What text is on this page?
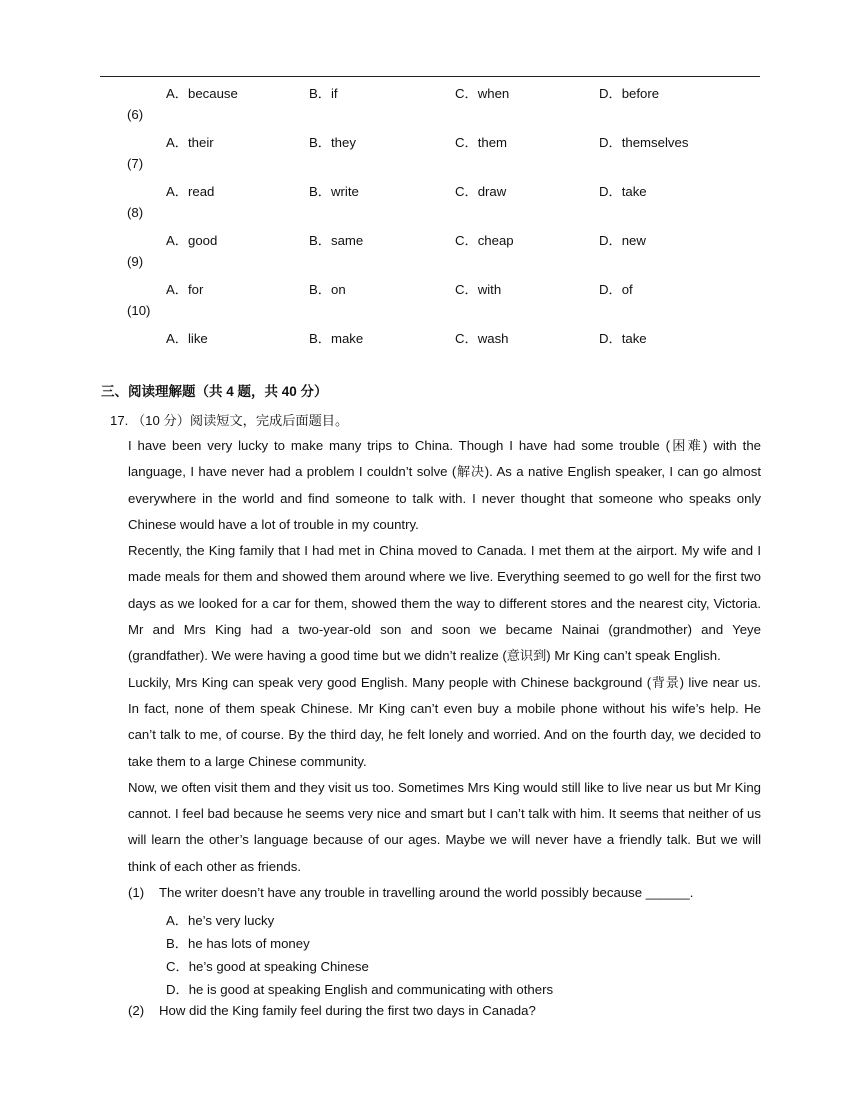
A．because	B．if	C．when	D．before
(6)
A．their	B．they	C．them	D．themselves
(7)
A．read	B．write	C．draw	D．take
(8)
A．good	B．same	C．cheap	D．new
(9)
A．for	B．on	C．with	D．of
(10)
A．like	B．make	C．wash	D．take
三、阅读理解题（共 4 题，共 40 分）
17. （10 分）阅读短文，完成后面题目。

I have been very lucky to make many trips to China. Though I have had some trouble (困难) with the language, I have never had a problem I couldn’t solve (解决). As a native English speaker, I can go almost everywhere in the world and find someone to talk with. I never thought that someone who speaks only Chinese would have a lot of trouble in my country.

Recently, the King family that I had met in China moved to Canada. I met them at the airport. My wife and I made meals for them and showed them around where we live. Everything seemed to go well for the first two days as we looked for a car for them, showed them the way to different stores and the nearest city, Victoria. Mr and Mrs King had a two-year-old son and soon we became Nainai (grandmother) and Yeye (grandfather). We were having a good time but we didn’t realize (意识到) Mr King can’t speak English.

Luckily, Mrs King can speak very good English. Many people with Chinese background (背景) live near us. In fact, none of them speak Chinese. Mr King can’t even buy a mobile phone without his wife’s help. He can’t talk to me, of course. By the third day, he felt lonely and worried. And on the fourth day, we decided to take them to a large Chinese community.

Now, we often visit them and they visit us too. Sometimes Mrs King would still like to live near us but Mr King cannot. I feel bad because he seems very nice and smart but I can’t talk with him. It seems that neither of us will learn the other’s language because of our ages. Maybe we will never have a friendly talk. But we will think of each other as friends.

(1) The writer doesn’t have any trouble in travelling around the world possibly because ______.
A．he’s very lucky
B．he has lots of money
C．he’s good at speaking Chinese
D．he is good at speaking English and communicating with others
(2) How did the King family feel during the first two days in Canada?
